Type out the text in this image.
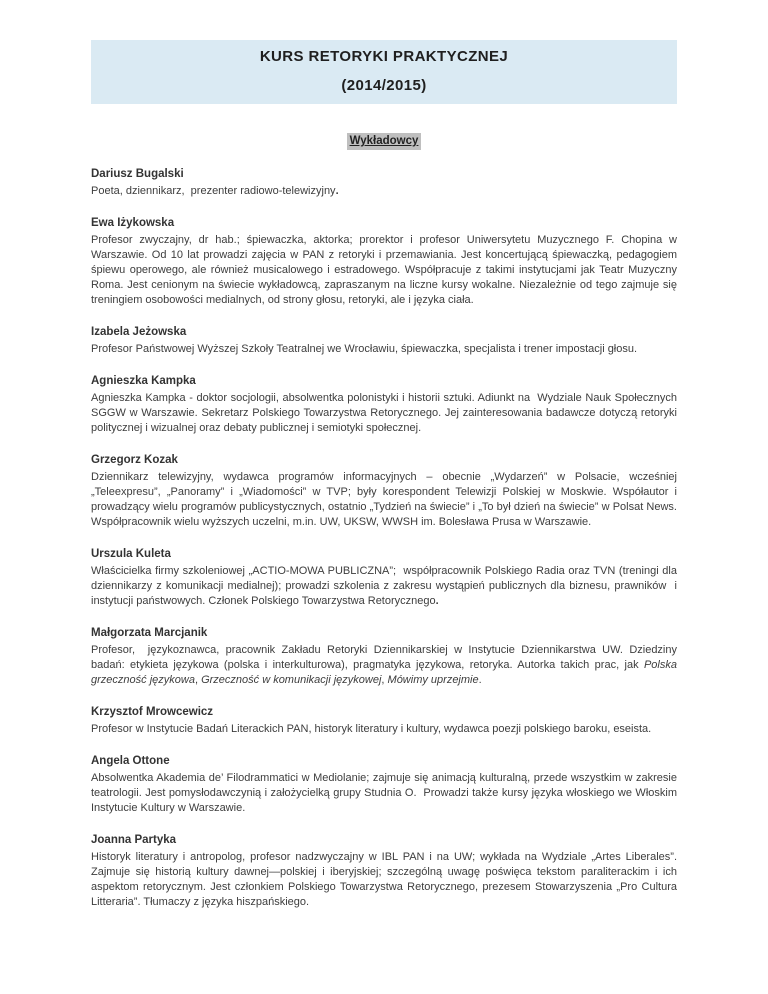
KURS RETORYKI PRAKTYCZNEJ
(2014/2015)
Wykładowcy
Dariusz Bugalski

Poeta, dziennikarz,  prezenter radiowo-telewizyjny.

Ewa Iżykowska

Profesor zwyczajny, dr hab.; śpiewaczka, aktorka; prorektor i profesor Uniwersytetu Muzycznego F. Chopina w Warszawie. Od 10 lat prowadzi zajęcia w PAN z retoryki i przemawiania. Jest koncertującą śpiewaczką, pedagogiem śpiewu operowego, ale również musicalowego i estradowego. Współpracuje z takimi instytucjami jak Teatr Muzyczny Roma. Jest cenionym na świecie wykładowcą, zapraszanym na liczne kursy wokalne. Niezależnie od tego zajmuje się treningiem osobowości medialnych, od strony głosu, retoryki, ale i języka ciała.

Izabela Jeżowska

Profesor Państwowej Wyższej Szkoły Teatralnej we Wrocławiu, śpiewaczka, specjalista i trener impostacji głosu.

Agnieszka Kampka

Agnieszka Kampka - doktor socjologii, absolwentka polonistyki i historii sztuki. Adiunkt na  Wydziale Nauk Społecznych SGGW w Warszawie. Sekretarz Polskiego Towarzystwa Retorycznego. Jej zainteresowania badawcze dotyczą retoryki politycznej i wizualnej oraz debaty publicznej i semiotyki społecznej.

Grzegorz Kozak

Dziennikarz telewizyjny, wydawca programów informacyjnych – obecnie „Wydarzeń” w Polsacie, wcześniej „Teleexpresu”, „Panoramy” i „Wiadomości” w TVP; były korespondent Telewizji Polskiej w Moskwie. Współautor i prowadzący wielu programów publicystycznych, ostatnio „Tydzień na świecie” i „To był dzień na świecie” w Polsat News. Współpracownik wielu wyższych uczelni, m.in. UW, UKSW, WWSH im. Bolesława Prusa w Warszawie.

Urszula Kuleta

Właścicielka firmy szkoleniowej „ACTIO-MOWA PUBLICZNA”;  współpracownik Polskiego Radia oraz TVN (treningi dla dziennikarzy z komunikacji medialnej); prowadzi szkolenia z zakresu wystąpień publicznych dla biznesu, prawników  i instytucji państwowych. Członek Polskiego Towarzystwa Retorycznego.

Małgorzata Marcjanik

Profesor,  językoznawca, pracownik Zakładu Retoryki Dziennikarskiej w Instytucie Dziennikarstwa UW. Dziedziny badań: etykieta językowa (polska i interkulturowa), pragmatyka językowa, retoryka. Autorka takich prac, jak Polska grzeczność językowa, Grzeczność w komunikacji językowej, Mówimy uprzejmie.

Krzysztof Mrowcewicz

Profesor w Instytucie Badań Literackich PAN, historyk literatury i kultury, wydawca poezji polskiego baroku, eseista.

Angela Ottone

Absolwentka Akademia de’ Filodrammatici w Mediolanie; zajmuje się animacją kulturalną, przede wszystkim w zakresie teatrologii. Jest pomysłodawczynią i założycielką grupy Studnia O.  Prowadzi także kursy języka włoskiego we Włoskim Instytucie Kultury w Warszawie.

Joanna Partyka

Historyk literatury i antropolog, profesor nadzwyczajny w IBL PAN i na UW; wykłada na Wydziale „Artes Liberales”. Zajmuje się historią kultury dawnej—polskiej i iberyjskiej; szczególną uwagę poświęca tekstom paraliterackim i ich aspektom retorycznym. Jest członkiem Polskiego Towarzystwa Retorycznego, prezesem Stowarzyszenia „Pro Cultura Litteraria”. Tłumaczy z języka hiszpańskiego.
